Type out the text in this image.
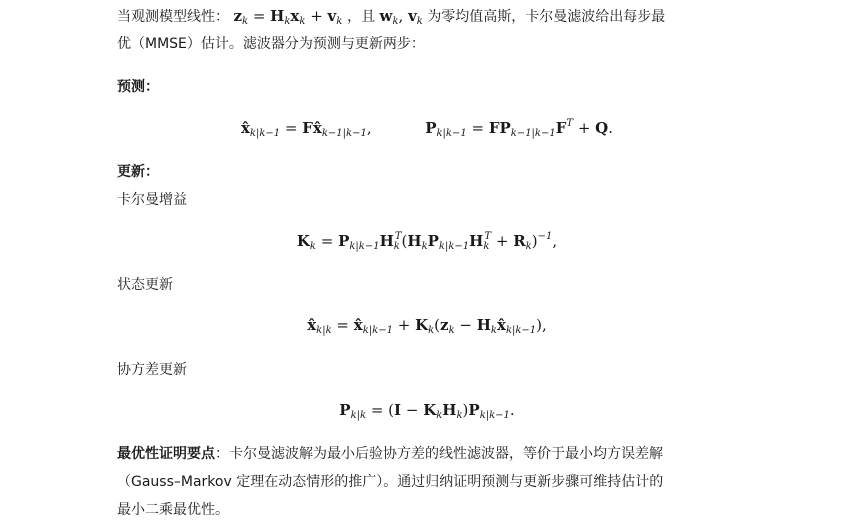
当观测模型线性： $z_k = H_kx_k + v_k$ ，且 $w_k$, $v_k$ 为零均值高斯，卡尔曼滤波给出每步最
优（MMSE）估计。滤波器分为预测与更新两步：
预测：
$x̂_{k|k-1}$ = $Fx̂_{k-1|k-1}$,	$P_{k|k-1} = FP_{k-1|k-1}F^T + Q$.
更新：
卡尔曼增益
$K_k = P_{k|k-1}H_k^T(H_kP_{k|k-1}H_k^T + R_k)^{-1}$,
状态更新
$x̂_{k|k}$ = $x̂_{k|k-1} + K_k(z_k$ − $H_kx̂_{k|k-1}$),
协方差更新
$P_{k|k} = (I - K_kH_k)P_{k|k-1}$.
最优性证明要点：卡尔曼滤波解为最小后验协方差的线性滤波器，等价于最小均方误差解
（Gauss–Markov 定理在动态情形的推广）。通过归纳证明预测与更新步骤可维持估计的
最小二乘最优性。
